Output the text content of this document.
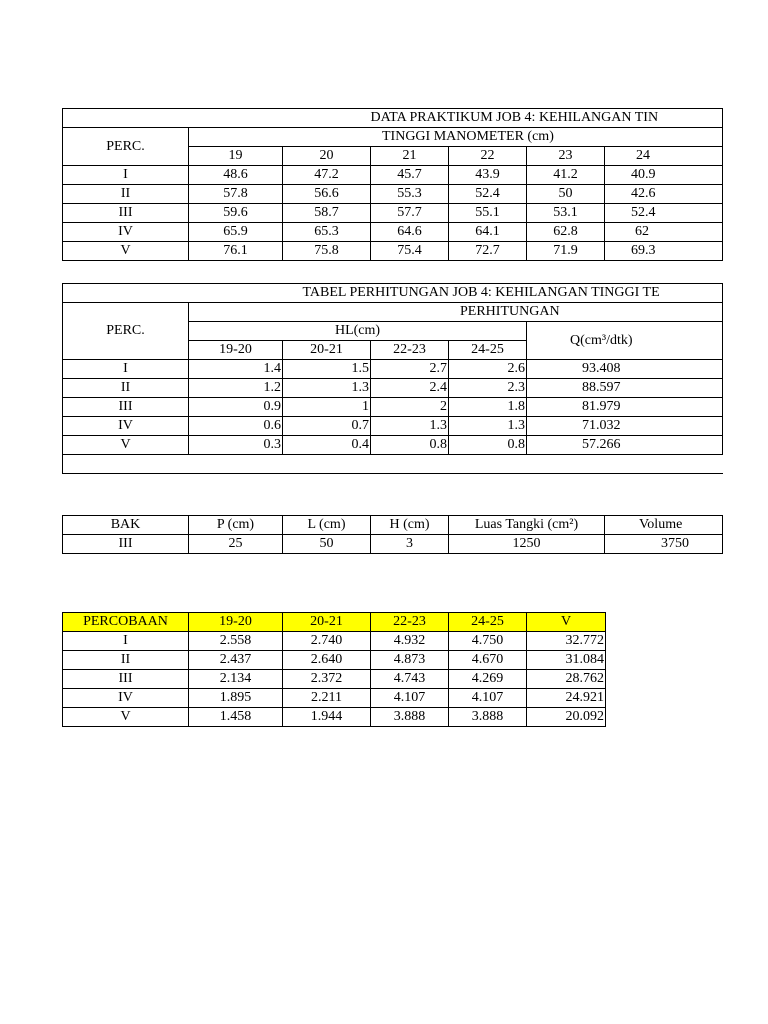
	DATA PRAKTIKUM JOB 4: KEHILANGAN TIN					
PERC.	TINGGI MANOMETER (cm)					
	19	20	21	22	23	24
I	48.6	47.2	45.7	43.9	41.2	40.9
II	57.8	56.6	55.3	52.4	50	42.6
III	59.6	58.7	57.7	55.1	53.1	52.4
IV	65.9	65.3	64.6	64.1	62.8	62
V	76.1	75.8	75.4	72.7	71.9	69.3
	TABEL PERHITUNGAN JOB 4: KEHILANGAN TINGGI TE				
PERC.	PERHITUNGAN				
	HL(cm)				Q(cm³/dtk)
	19-20	20-21	22-23	24-25	
I	1.4	1.5	2.7	2.6	93.408
II	1.2	1.3	2.4	2.3	88.597
III	0.9	1	2	1.8	81.979
IV	0.6	0.7	1.3	1.3	71.032
V	0.3	0.4	0.8	0.8	57.266

BAK	P (cm)	L (cm)	H (cm)	Luas Tangki (cm²)	Volume
III	25	50	3	1250	3750
PERCOBAAN	19-20	20-21	22-23	24-25	V
I	2.558	2.740	4.932	4.750	32.772
II	2.437	2.640	4.873	4.670	31.084
III	2.134	2.372	4.743	4.269	28.762
IV	1.895	2.211	4.107	4.107	24.921
V	1.458	1.944	3.888	3.888	20.092
